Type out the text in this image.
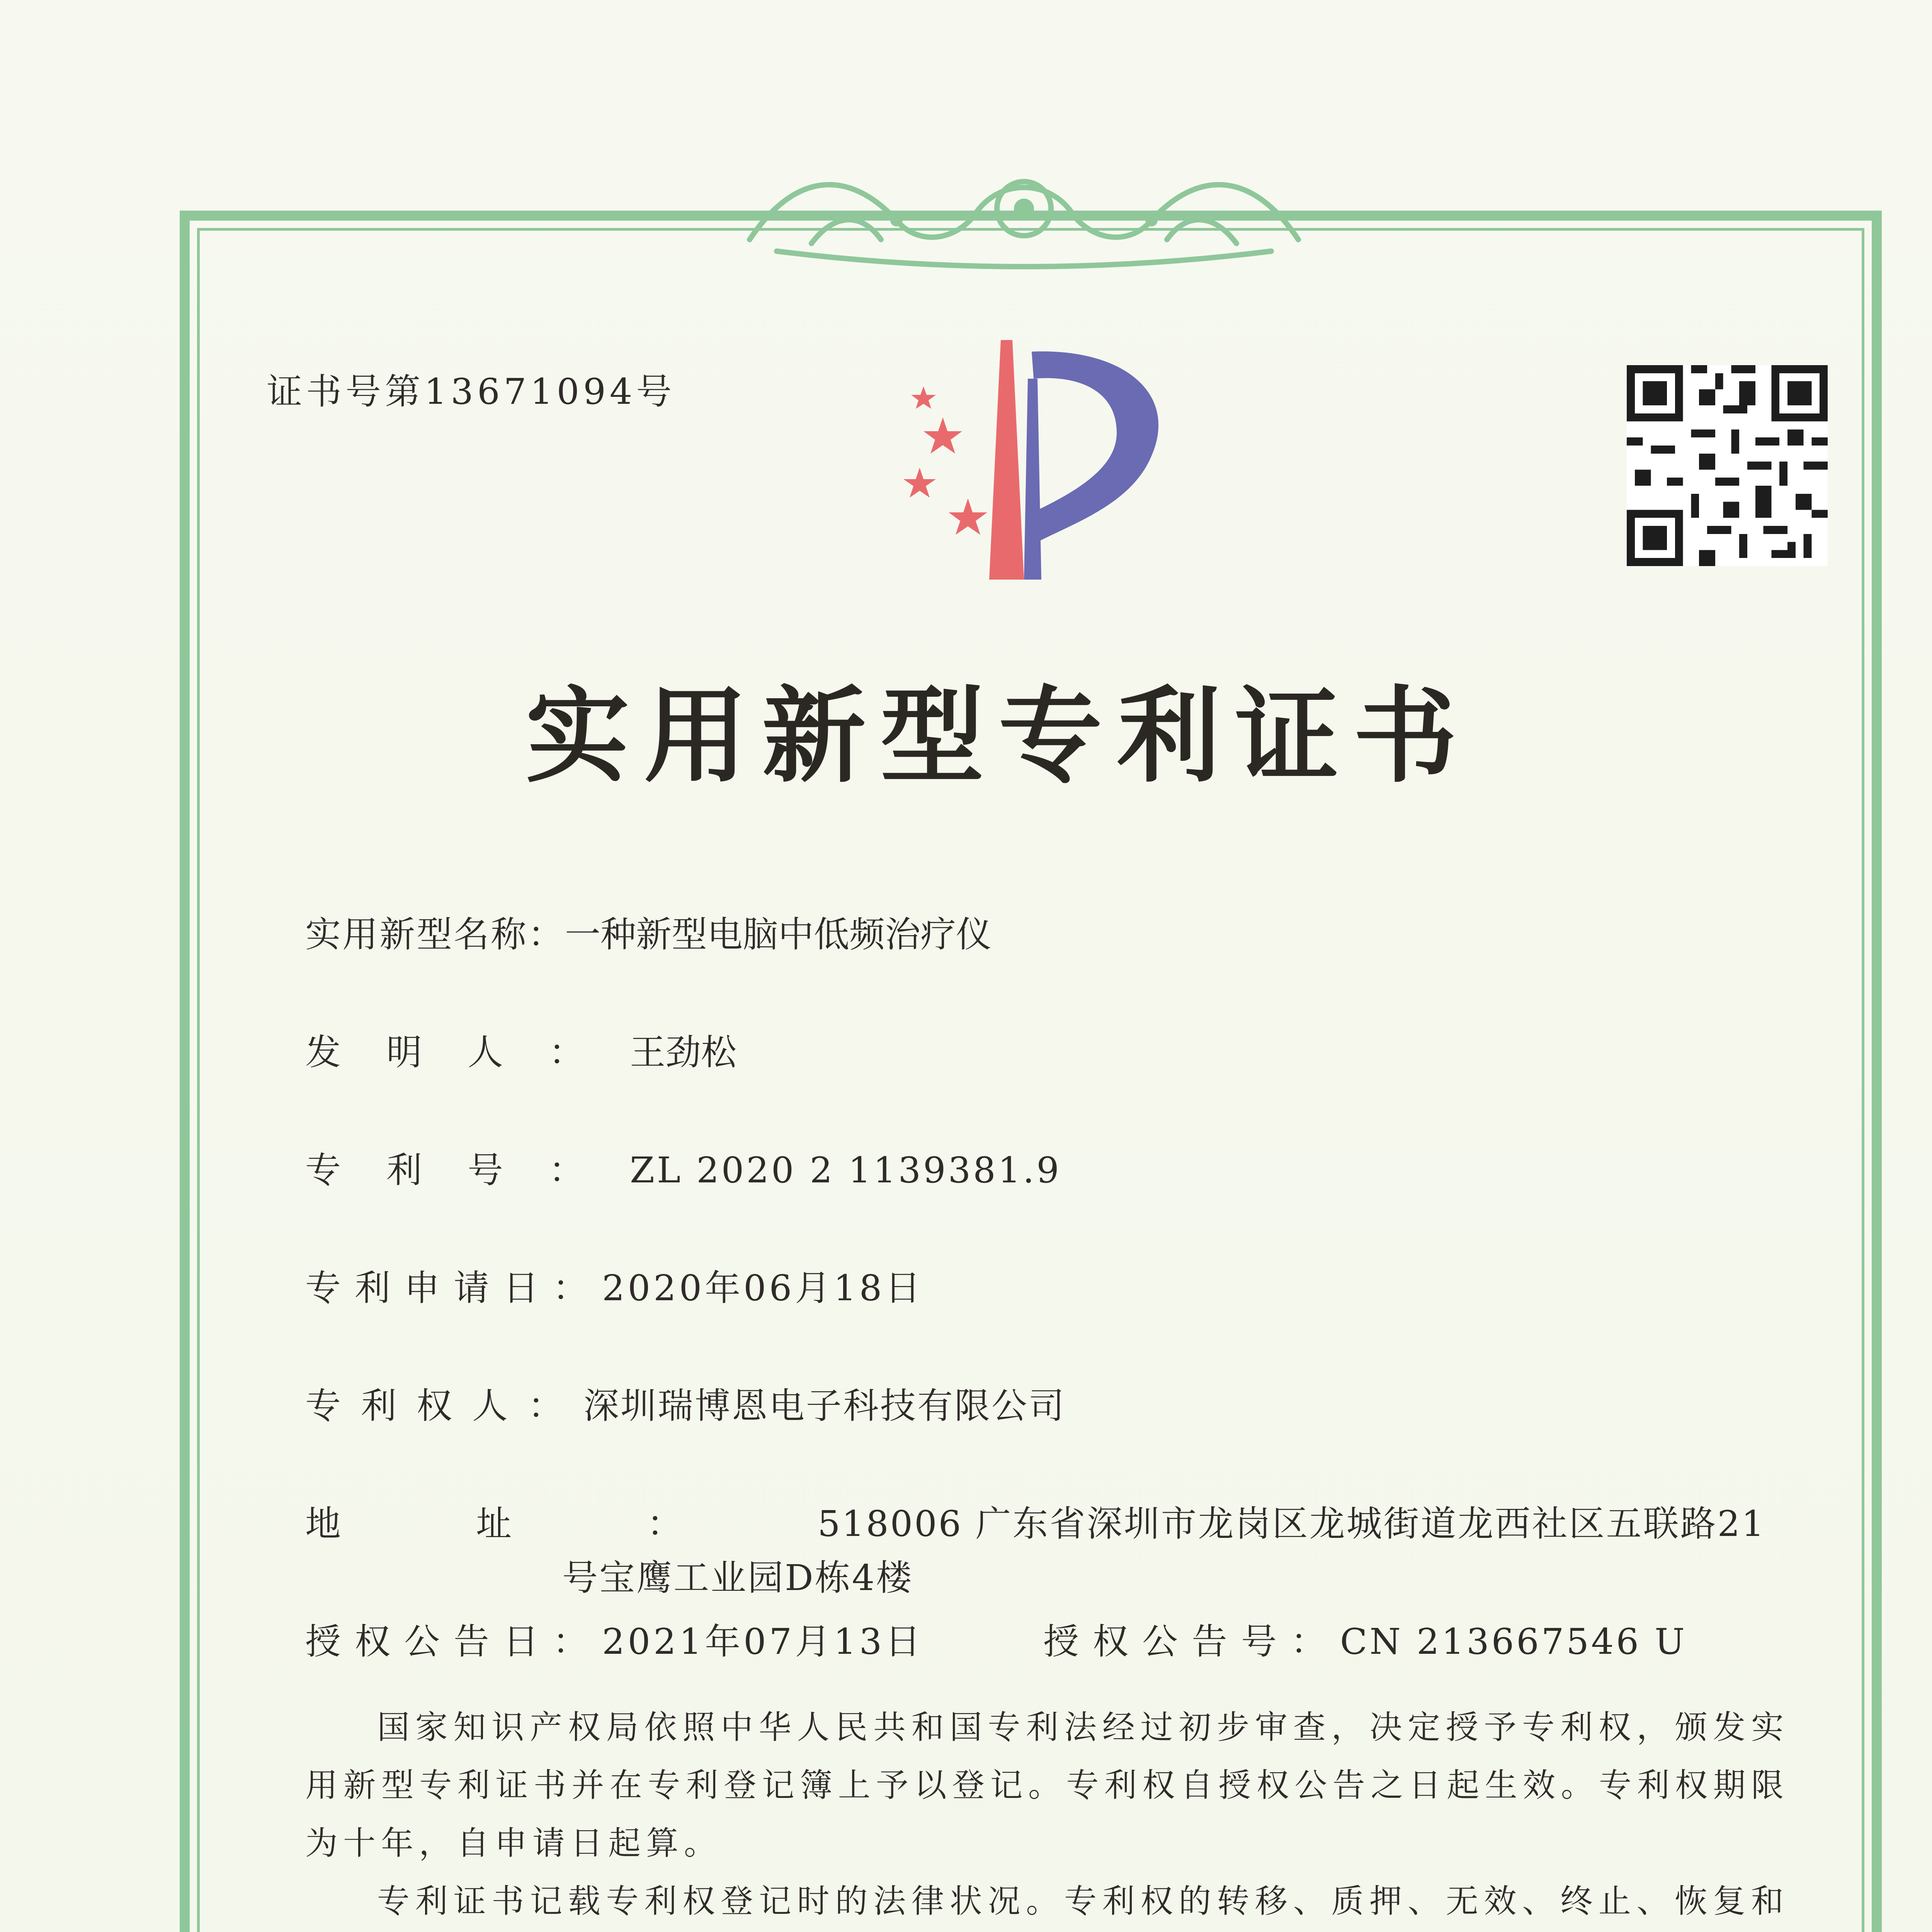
证书号第13671094号
实用新型专利证书
实用新型名称：一种新型电脑中低频治疗仪
发明人：王劲松
专利号：ZL 2020 2 1139381.9
专利申请日：2020年06月18日
专利权人：深圳瑞博恩电子科技有限公司
地址：518006 广东省深圳市龙岗区龙城街道龙西社区五联路21
号宝鹰工业园D栋4楼
授权公告日：2021年07月13日	授权公告号：CN 213667546 U

国家知识产权局依照中华人民共和国专利法经过初步审查，决定授予专利权，颁发实用新型专利证书并在专利登记簿上予以登记。专利权自授权公告之日起生效。专利权期限为十年，自申请日起算。

专利证书记载专利权登记时的法律状况。专利权的转移、质押、无效、终止、恢复和
